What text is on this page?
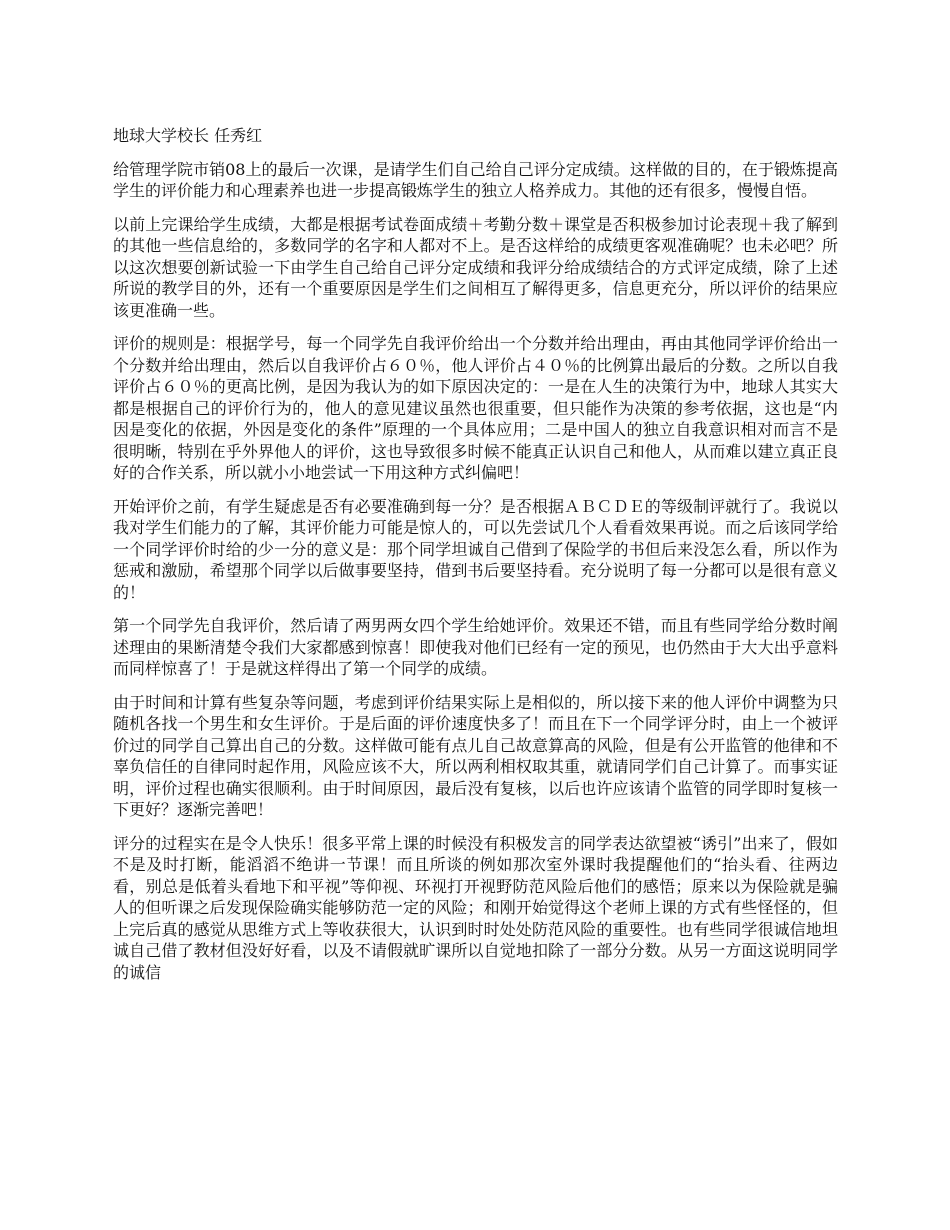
地球大学校长 任秀红

给管理学院市销08上的最后一次课，是请学生们自己给自己评分定成绩。这样做的目的，在于锻炼提高学生的评价能力和心理素养也进一步提高锻炼学生的独立人格养成力。其他的还有很多，慢慢自悟。

以前上完课给学生成绩，大都是根据考试卷面成绩＋考勤分数＋课堂是否积极参加讨论表现＋我了解到的其他一些信息给的，多数同学的名字和人都对不上。是否这样给的成绩更客观准确呢？也未必吧？所以这次想要创新试验一下由学生自己给自己评分定成绩和我评分给成绩结合的方式评定成绩，除了上述所说的教学目的外，还有一个重要原因是学生们之间相互了解得更多，信息更充分，所以评价的结果应该更准确一些。

评价的规则是：根据学号，每一个同学先自我评价给出一个分数并给出理由，再由其他同学评价给出一个分数并给出理由，然后以自我评价占６０％，他人评价占４０％的比例算出最后的分数。之所以自我评价占６０％的更高比例，是因为我认为的如下原因决定的：一是在人生的决策行为中，地球人其实大都是根据自己的评价行为的，他人的意见建议虽然也很重要，但只能作为决策的参考依据，这也是“内因是变化的依据，外因是变化的条件”原理的一个具体应用；二是中国人的独立自我意识相对而言不是很明晰，特别在乎外界他人的评价，这也导致很多时候不能真正认识自己和他人，从而难以建立真正良好的合作关系，所以就小小地尝试一下用这种方式纠偏吧！

开始评价之前，有学生疑虑是否有必要准确到每一分？是否根据ＡＢＣＤＥ的等级制评就行了。我说以我对学生们能力的了解，其评价能力可能是惊人的，可以先尝试几个人看看效果再说。而之后该同学给一个同学评价时给的少一分的意义是：那个同学坦诚自己借到了保险学的书但后来没怎么看，所以作为惩戒和激励，希望那个同学以后做事要坚持，借到书后要坚持看。充分说明了每一分都可以是很有意义的！

第一个同学先自我评价，然后请了两男两女四个学生给她评价。效果还不错，而且有些同学给分数时阐述理由的果断清楚令我们大家都感到惊喜！即使我对他们已经有一定的预见，也仍然由于大大出乎意料而同样惊喜了！于是就这样得出了第一个同学的成绩。

由于时间和计算有些复杂等问题，考虑到评价结果实际上是相似的，所以接下来的他人评价中调整为只随机各找一个男生和女生评价。于是后面的评价速度快多了！而且在下一个同学评分时，由上一个被评价过的同学自己算出自己的分数。这样做可能有点儿自己故意算高的风险，但是有公开监管的他律和不辜负信任的自律同时起作用，风险应该不大，所以两利相权取其重，就请同学们自己计算了。而事实证明，评价过程也确实很顺利。由于时间原因，最后没有复核，以后也许应该请个监管的同学即时复核一下更好？逐渐完善吧！

评分的过程实在是令人快乐！很多平常上课的时候没有积极发言的同学表达欲望被“诱引”出来了，假如不是及时打断，能滔滔不绝讲一节课！而且所谈的例如那次室外课时我提醒他们的“抬头看、往两边看，别总是低着头看地下和平视”等仰视、环视打开视野防范风险后他们的感悟；原来以为保险就是骗人的但听课之后发现保险确实能够防范一定的风险；和刚开始觉得这个老师上课的方式有些怪怪的，但上完后真的感觉从思维方式上等收获很大，认识到时时处处防范风险的重要性。也有些同学很诚信地坦诚自己借了教材但没好好看，以及不请假就旷课所以自觉地扣除了一部分分数。从另一方面这说明同学的诚信
